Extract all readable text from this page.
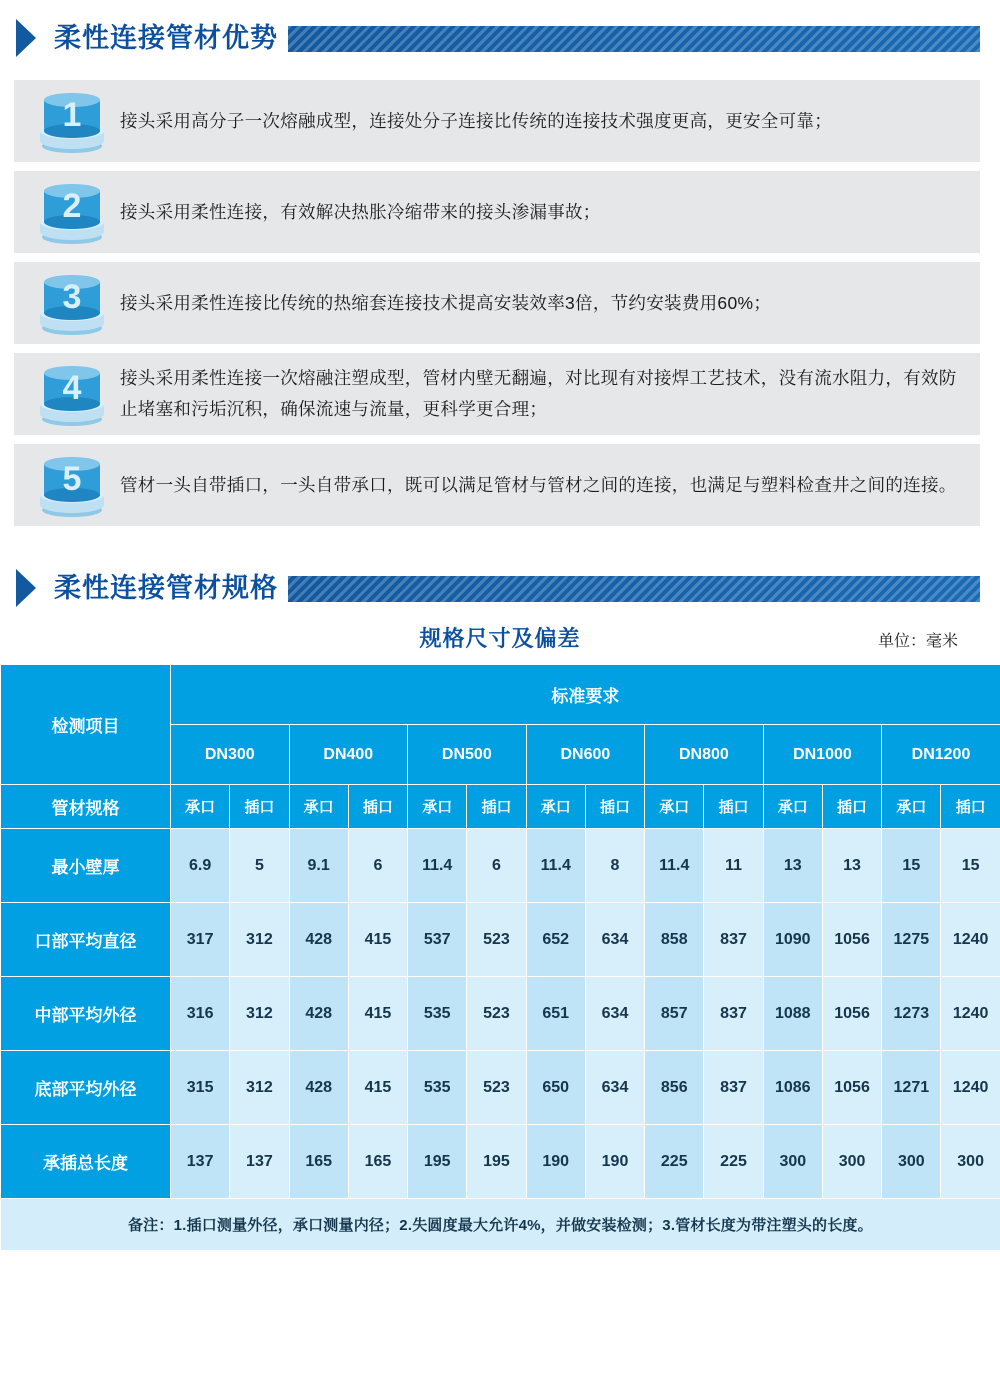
柔性连接管材优势
1 接头采用高分子一次熔融成型，连接处分子连接比传统的连接技术强度更高，更安全可靠；
2 接头采用柔性连接，有效解决热胀冷缩带来的接头渗漏事故；
3 接头采用柔性连接比传统的热缩套连接技术提高安装效率3倍，节约安装费用60%；
4 接头采用柔性连接一次熔融注塑成型，管材内壁无翻遍，对比现有对接焊工艺技术，没有流水阻力，有效防止堵塞和污垢沉积，确保流速与流量，更科学更合理；
5 管材一头自带插口，一头自带承口，既可以满足管材与管材之间的连接，也满足与塑料检查井之间的连接。
柔性连接管材规格
规格尺寸及偏差	单位：毫米
检测项目	标准要求													
	DN300		DN400		DN500		DN600		DN800		DN1000		DN1200	
管材规格	承口	插口	承口	插口	承口	插口	承口	插口	承口	插口	承口	插口	承口	插口
最小壁厚	6.9	5	9.1	6	11.4	6	11.4	8	11.4	11	13	13	15	15
口部平均直径	317	312	428	415	537	523	652	634	858	837	1090	1056	1275	1240
中部平均外径	316	312	428	415	535	523	651	634	857	837	1088	1056	1273	1240
底部平均外径	315	312	428	415	535	523	650	634	856	837	1086	1056	1271	1240
承插总长度	137	137	165	165	195	195	190	190	225	225	300	300	300	300
备注：1.插口测量外径，承口测量内径；2.失圆度最大允许4%，并做安装检测；3.管材长度为带注塑头的长度。														
